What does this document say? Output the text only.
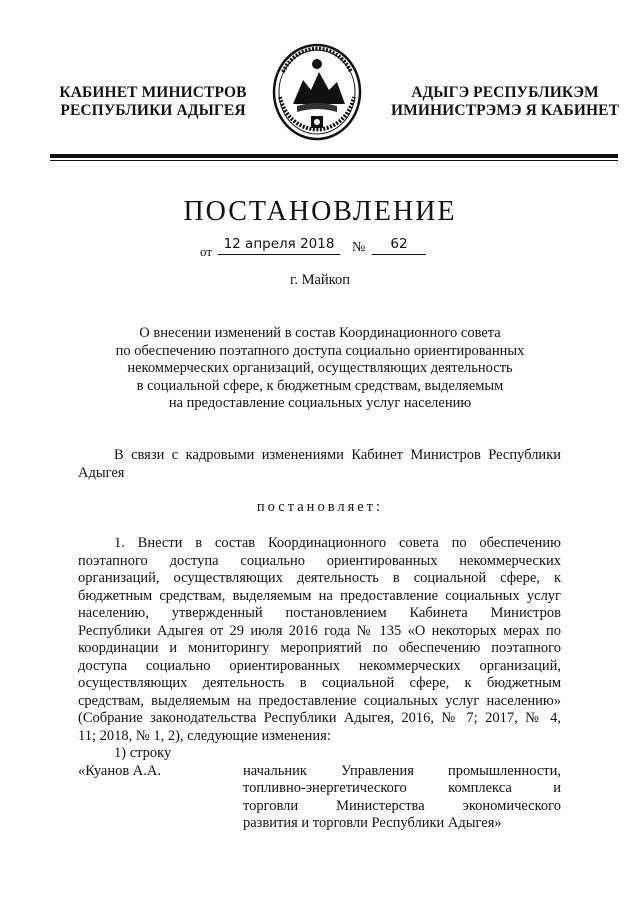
КАБИНЕТ МИНИСТРОВ
РЕСПУБЛИКИ АДЫГЕЯ
АДЫГЭ РЕСПУБЛИКЭМ
ИМИНИСТРЭМЭ Я КАБИНЕТ
ПОСТАНОВЛЕНИЕ
от 12 апреля 2018	№	62
г. Майкоп
О внесении изменений в состав Координационного совета
по обеспечению поэтапного доступа социально ориентированных
некоммерческих организаций, осуществляющих деятельность
в социальной сфере, к бюджетным средствам, выделяемым
на предоставление социальных услуг населению
В связи с кадровыми изменениями Кабинет Министров Республики
Адыгея
постановляет:
1. Внести в состав Координационного совета по обеспечению
поэтапного доступа социально ориентированных некоммерческих
организаций, осуществляющих деятельность в социальной сфере, к
бюджетным средствам, выделяемым на предоставление социальных услуг
населению, утвержденный постановлением Кабинета Министров
Республики Адыгея от 29 июля 2016 года № 135 «О некоторых мерах по
координации и мониторингу мероприятий по обеспечению поэтапного
доступа социально ориентированных некоммерческих организаций,
осуществляющих деятельность в социальной сфере, к бюджетным
средствам, выделяемым на предоставление социальных услуг населению»
(Собрание законодательства Республики Адыгея, 2016, № 7; 2017, № 4,
11; 2018, № 1, 2), следующие изменения:
1) строку
«Куанов А.А.	начальник Управления промышленности,
топливно-энергетического комплекса и
торговли Министерства экономического
развития и торговли Республики Адыгея»
